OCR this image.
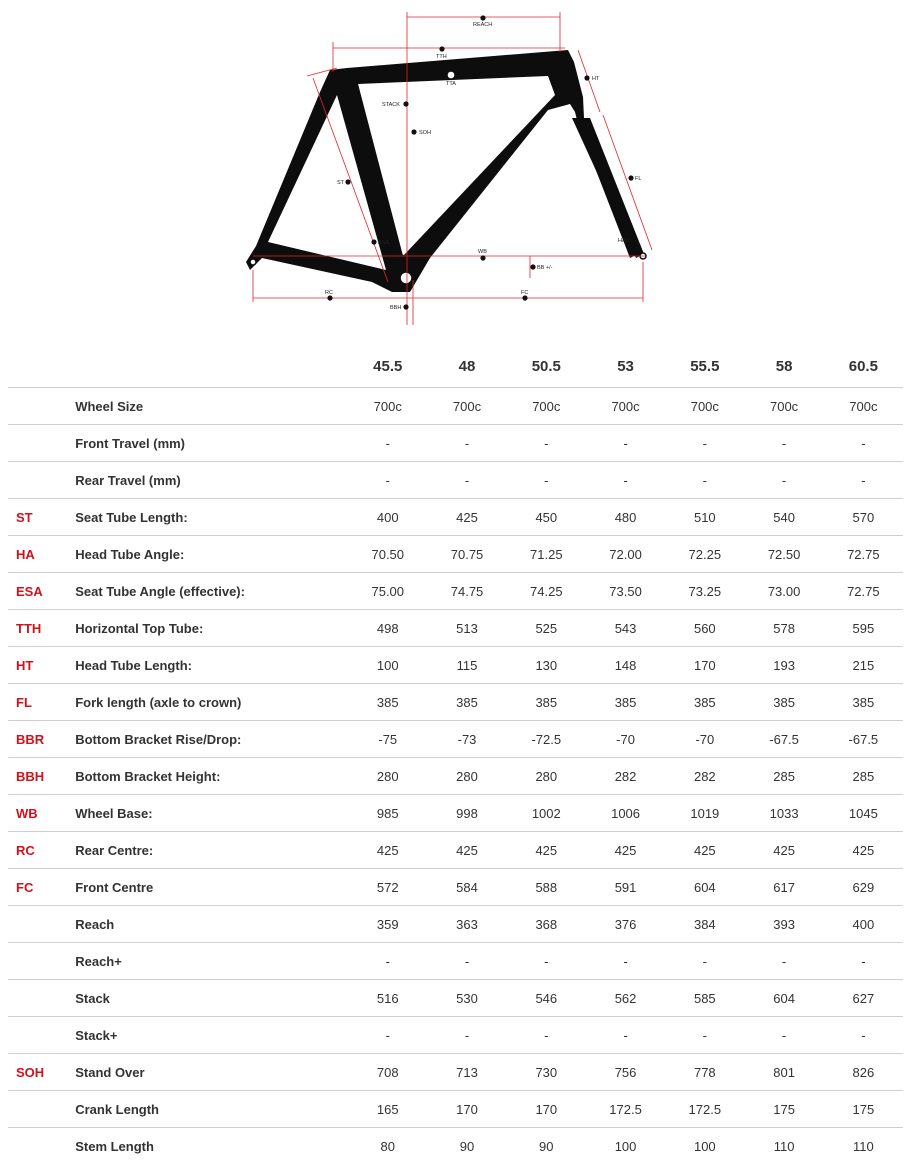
REACH
TTH
TTA
HT
STACK
SOH
ST
FL
ASA	HA
WB
BB +/-
RC	FC
BBH
		45.5	48	50.5	53	55.5	58	60.5
	Wheel Size	700c	700c	700c	700c	700c	700c	700c
	Front Travel (mm)	-	-	-	-	-	-	-
	Rear Travel (mm)	-	-	-	-	-	-	-
ST	Seat Tube Length:	400	425	450	480	510	540	570
HA	Head Tube Angle:	70.50	70.75	71.25	72.00	72.25	72.50	72.75
ESA	Seat Tube Angle (effective):	75.00	74.75	74.25	73.50	73.25	73.00	72.75
TTH	Horizontal Top Tube:	498	513	525	543	560	578	595
HT	Head Tube Length:	100	115	130	148	170	193	215
FL	Fork length (axle to crown)	385	385	385	385	385	385	385
BBR	Bottom Bracket Rise/Drop:	-75	-73	-72.5	-70	-70	-67.5	-67.5
BBH	Bottom Bracket Height:	280	280	280	282	282	285	285
WB	Wheel Base:	985	998	1002	1006	1019	1033	1045
RC	Rear Centre:	425	425	425	425	425	425	425
FC	Front Centre	572	584	588	591	604	617	629
	Reach	359	363	368	376	384	393	400
	Reach+	-	-	-	-	-	-	-
	Stack	516	530	546	562	585	604	627
	Stack+	-	-	-	-	-	-	-
SOH	Stand Over	708	713	730	756	778	801	826
	Crank Length	165	170	170	172.5	172.5	175	175
	Stem Length	80	90	90	100	100	110	110
